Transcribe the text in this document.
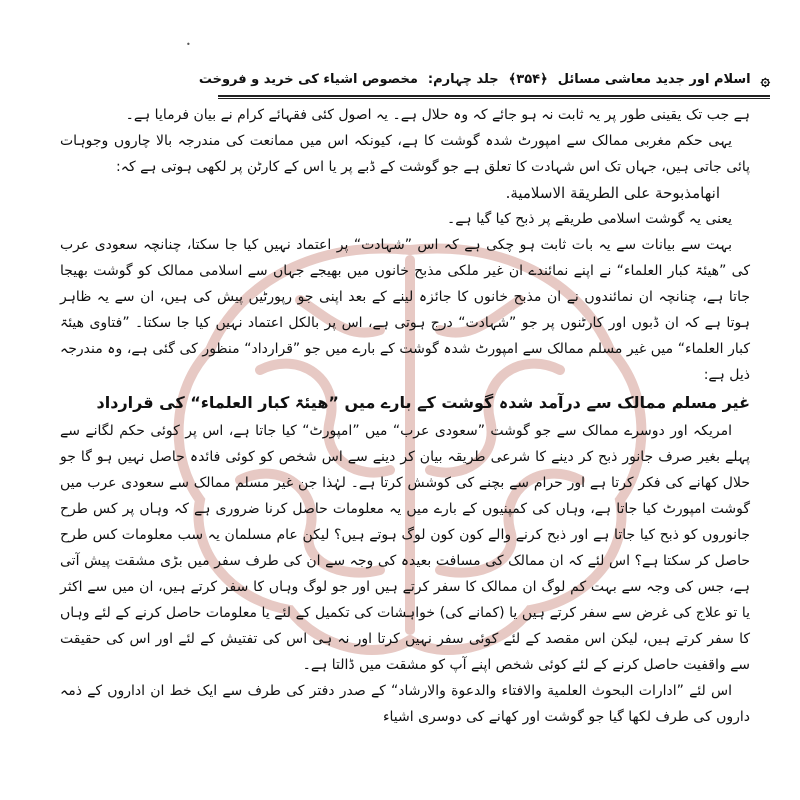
•
۞
اسلام اور جدید معاشی مسائل
﴿۳۵۴﴾
جلد چہارم:
مخصوص اشیاء کی خرید و فروخت

ہے جب تک یقینی طور پر یہ ثابت نہ ہو جائے کہ وہ حلال ہے۔ یہ اصول کئی فقہائے کرام نے بیان فرمایا ہے۔

یہی حکم مغربی ممالک سے امپورٹ شدہ گوشت کا ہے، کیونکہ اس میں ممانعت کی مندرجہ بالا چاروں وجوہات پائی جاتی ہیں، جہاں تک اس شہادت کا تعلق ہے جو گوشت کے ڈبے پر یا اس کے کارٹن پر لکھی ہوتی ہے کہ:

انهامذبوحة على الطريقة الاسلامية.

یعنی یہ گوشت اسلامی طریقے پر ذبح کیا گیا ہے۔

بہت سے بیانات سے یہ بات ثابت ہو چکی ہے کہ اس ”شہادت“ پر اعتماد نہیں کیا جا سکتا، چنانچہ سعودی عرب کی ”ھیئۃ کبار العلماء“ نے اپنے نمائندے ان غیر ملکی مذبح خانوں میں بھیجے جہاں سے اسلامی ممالک کو گوشت بھیجا جاتا ہے، چنانچہ ان نمائندوں نے ان مذبح خانوں کا جائزہ لینے کے بعد اپنی جو رپورٹیں پیش کی ہیں، ان سے یہ ظاہر ہوتا ہے کہ ان ڈبوں اور کارٹنوں پر جو ”شہادت“ درج ہوتی ہے، اس پر بالکل اعتماد نہیں کیا جا سکتا۔ ”فتاوی ھیئۃ کبار العلماء“ میں غیر مسلم ممالک سے امپورٹ شدہ گوشت کے بارے میں جو ”قرارداد“ منظور کی گئی ہے، وہ مندرجہ ذیل ہے:

غیر مسلم ممالک سے درآمد شدہ گوشت کے بارے میں ”ھیئۃ کبار العلماء“ کی قرارداد

امریکہ اور دوسرے ممالک سے جو گوشت ”سعودی عرب“ میں ”امپورٹ“ کیا جاتا ہے، اس پر کوئی حکم لگانے سے پہلے بغیر صرف جانور ذبح کر دینے کا شرعی طریقہ بیان کر دینے سے اس شخص کو کوئی فائدہ حاصل نہیں ہو گا جو حلال کھانے کی فکر کرتا ہے اور حرام سے بچنے کی کوشش کرتا ہے۔ لہٰذا جن غیر مسلم ممالک سے سعودی عرب میں گوشت امپورٹ کیا جاتا ہے، وہاں کی کمپنیوں کے بارے میں یہ معلومات حاصل کرنا ضروری ہے کہ وہاں پر کس طرح جانوروں کو ذبح کیا جاتا ہے اور ذبح کرنے والے کون کون لوگ ہوتے ہیں؟ لیکن عام مسلمان یہ سب معلومات کس طرح حاصل کر سکتا ہے؟ اس لئے کہ ان ممالک کی مسافت بعیدہ کی وجہ سے ان کی طرف سفر میں بڑی مشقت پیش آتی ہے، جس کی وجہ سے بہت کم لوگ ان ممالک کا سفر کرتے ہیں اور جو لوگ وہاں کا سفر کرتے ہیں، ان میں سے اکثر یا تو علاج کی غرض سے سفر کرتے ہیں یا (کمانے کی) خواہشات کی تکمیل کے لئے یا معلومات حاصل کرنے کے لئے وہاں کا سفر کرتے ہیں، لیکن اس مقصد کے لئے کوئی سفر نہیں کرتا اور نہ ہی اس کی تفتیش کے لئے اور اس کی حقیقت سے واقفیت حاصل کرنے کے لئے کوئی شخص اپنے آپ کو مشقت میں ڈالتا ہے۔

اس لئے ”ادارات البحوث العلمية والافتاء والدعوة والارشاد“ کے صدر دفتر کی طرف سے ایک خط ان اداروں کے ذمہ داروں کی طرف لکھا گیا جو گوشت اور کھانے کی دوسری اشیاء
